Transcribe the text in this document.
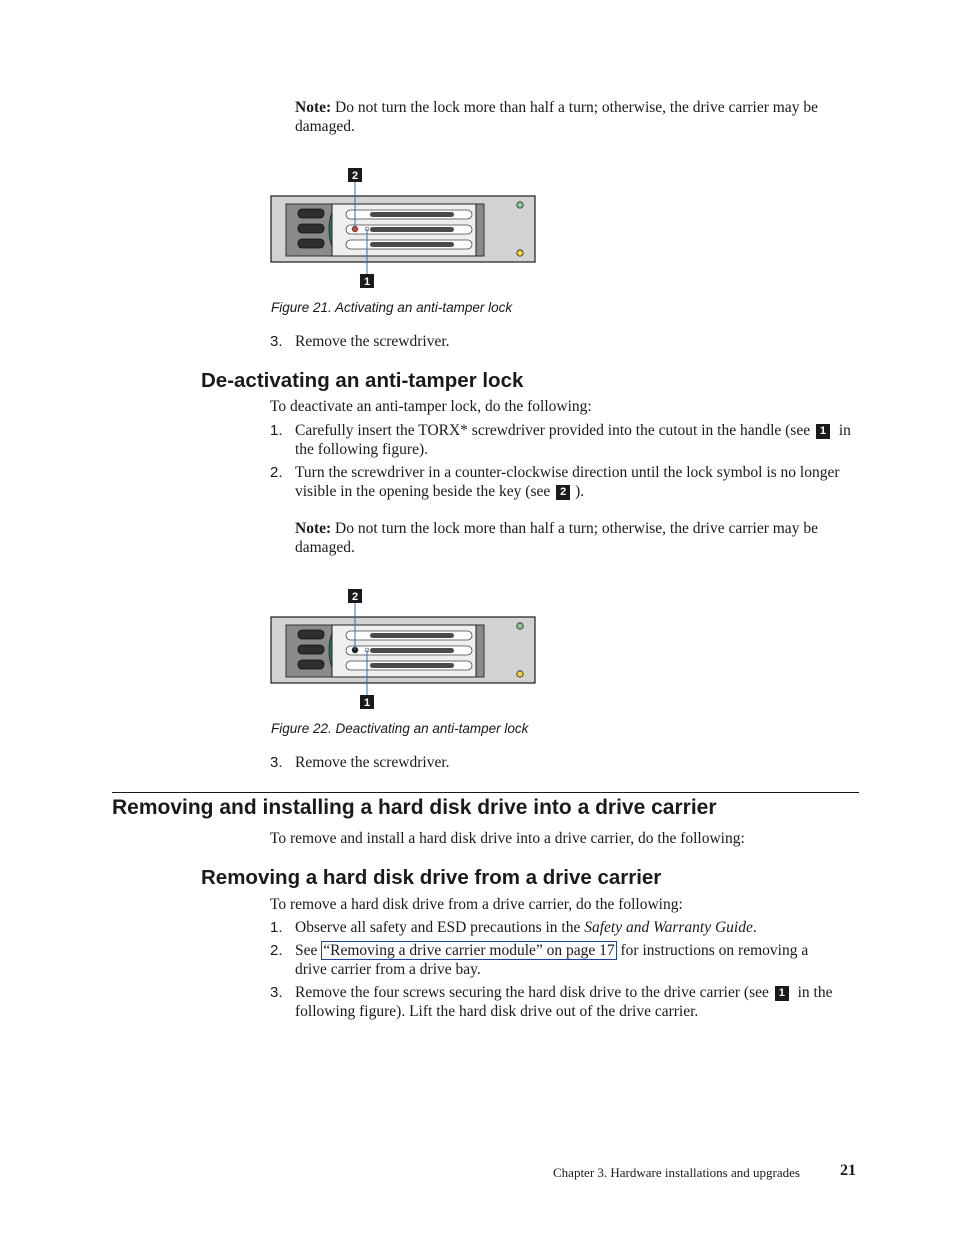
Note: Do not turn the lock more than half a turn; otherwise, the drive carrier may be damaged.
2
1
Figure 21. Activating an anti-tamper lock
3. Remove the screwdriver.
De-activating an anti-tamper lock
To deactivate an anti-tamper lock, do the following:
1. Carefully insert the TORX* screwdriver provided into the cutout in the handle (see 1 in the following figure).
2. Turn the screwdriver in a counter-clockwise direction until the lock symbol is no longer visible in the opening beside the key (see 2 ).
Note: Do not turn the lock more than half a turn; otherwise, the drive carrier may be damaged.
2
1
Figure 22. Deactivating an anti-tamper lock
3. Remove the screwdriver.
Removing and installing a hard disk drive into a drive carrier
To remove and install a hard disk drive into a drive carrier, do the following:
Removing a hard disk drive from a drive carrier
To remove a hard disk drive from a drive carrier, do the following:
1. Observe all safety and ESD precautions in the Safety and Warranty Guide.
2. See “Removing a drive carrier module” on page 17 for instructions on removing a drive carrier from a drive bay.
3. Remove the four screws securing the hard disk drive to the drive carrier (see 1 in the following figure). Lift the hard disk drive out of the drive carrier.
Chapter 3. Hardware installations and upgrades	21
